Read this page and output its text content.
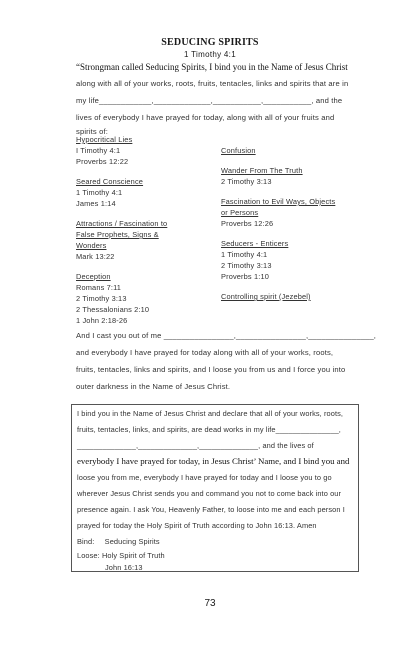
SEDUCING SPIRITS
1 Timothy 4:1
“Strongman called Seducing Spirits, I bind you in the Name of Jesus Christ
along with all of your works, roots, fruits, tentacles, links and spirits that are in
my life____________,_____________,___________,___________, and the
lives of everybody I have prayed for today, along with all of your fruits and
spirits of:
Hypocritical Lies
I Timothy 4:1
Proverbs 12:22
Seared Conscience
1 Timothy 4:1
James 1:14
Attractions / Fascination to
False Prophets, Signs &
Wonders
Mark 13:22
Deception
Romans 7:11
2 Timothy 3:13
2 Thessalonians 2:10
1 John 2:18-26
Confusion
Wander From The Truth
2 Timothy 3:13
Fascination to Evil Ways, Objects
or Persons
Proverbs 12:26
Seducers - Enticers
1 Timothy 4:1
2 Timothy 3:13
Proverbs 1:10
Controlling spirit (Jezebel)
And I cast you out of me ________________,________________,_______________,
and everybody I have prayed for today along with all of your works, roots,
fruits, tentacles, links and spirits, and I loose you from us and I force you into
outer darkness in the Name of Jesus Christ.
I bind you in the Name of Jesus Christ and declare that all of your works, roots,
fruits, tentacles, links, and spirits, are dead works in my life_______________,
______________,______________,______________, and the lives of
everybody I have prayed for today, in Jesus Christ’ Name, and I bind you and
loose you from me, everybody I have prayed for today and I loose you to go
wherever Jesus Christ sends you and command you not to come back into our
presence again. I ask You, Heavenly Father, to loose into me and each person I
prayed for today the Holy Spirit of Truth according to John 16:13. Amen
Bind: Seducing Spirits
Loose: Holy Spirit of Truth
John 16:13
73
